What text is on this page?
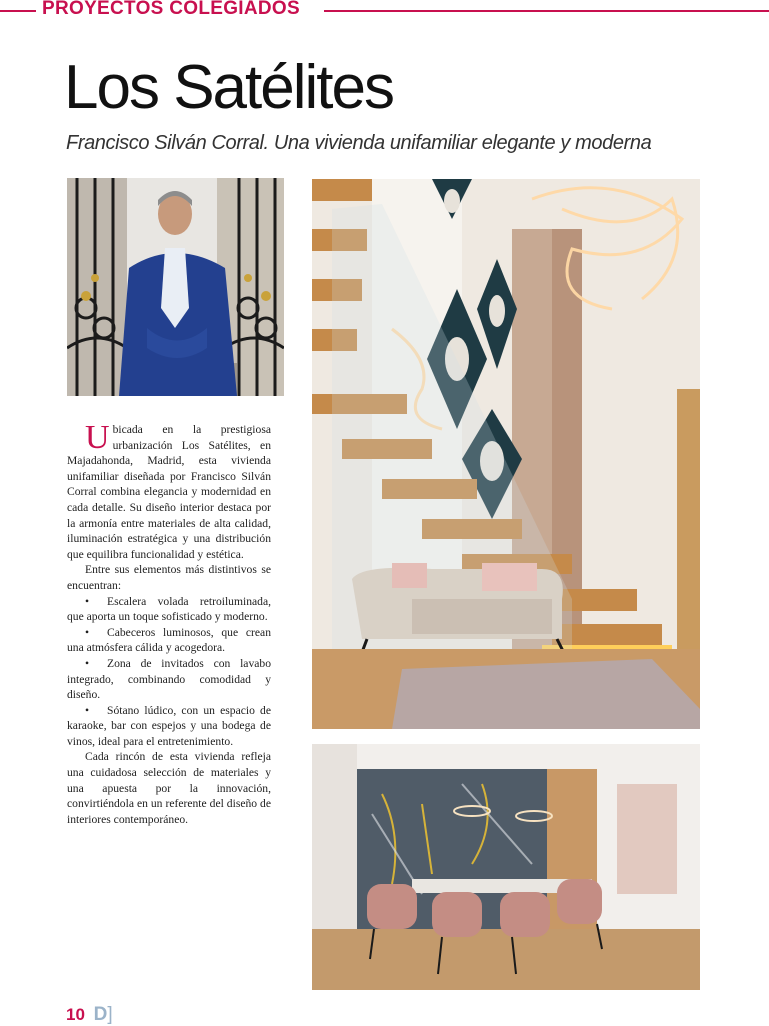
PROYECTOS COLEGIADOS
Los Satélites
Francisco Silván Corral. Una vivienda unifamiliar elegante y moderna

Ubicada en la prestigiosa urbanización Los Satélites, en Majadahonda, Madrid, esta vivienda unifamiliar diseñada por Francisco Silván Corral combina elegancia y modernidad en cada detalle. Su diseño interior destaca por la armonía entre materiales de alta calidad, iluminación estratégica y una distribución que equilibra funcionalidad y estética.

Entre sus elementos más distintivos se encuentran:

• Escalera volada retroiluminada, que aporta un toque sofisticado y moderno.

• Cabeceros luminosos, que crean una atmósfera cálida y acogedora.

• Zona de invitados con lavabo integrado, combinando comodidad y diseño.

• Sótano lúdico, con un espacio de karaoke, bar con espejos y una bodega de vinos, ideal para el entretenimiento.

Cada rincón de esta vivienda refleja una cuidadosa selección de materiales y una apuesta por la innovación, convirtiéndola en un referente del diseño de interiores contemporáneo.

10 D]
